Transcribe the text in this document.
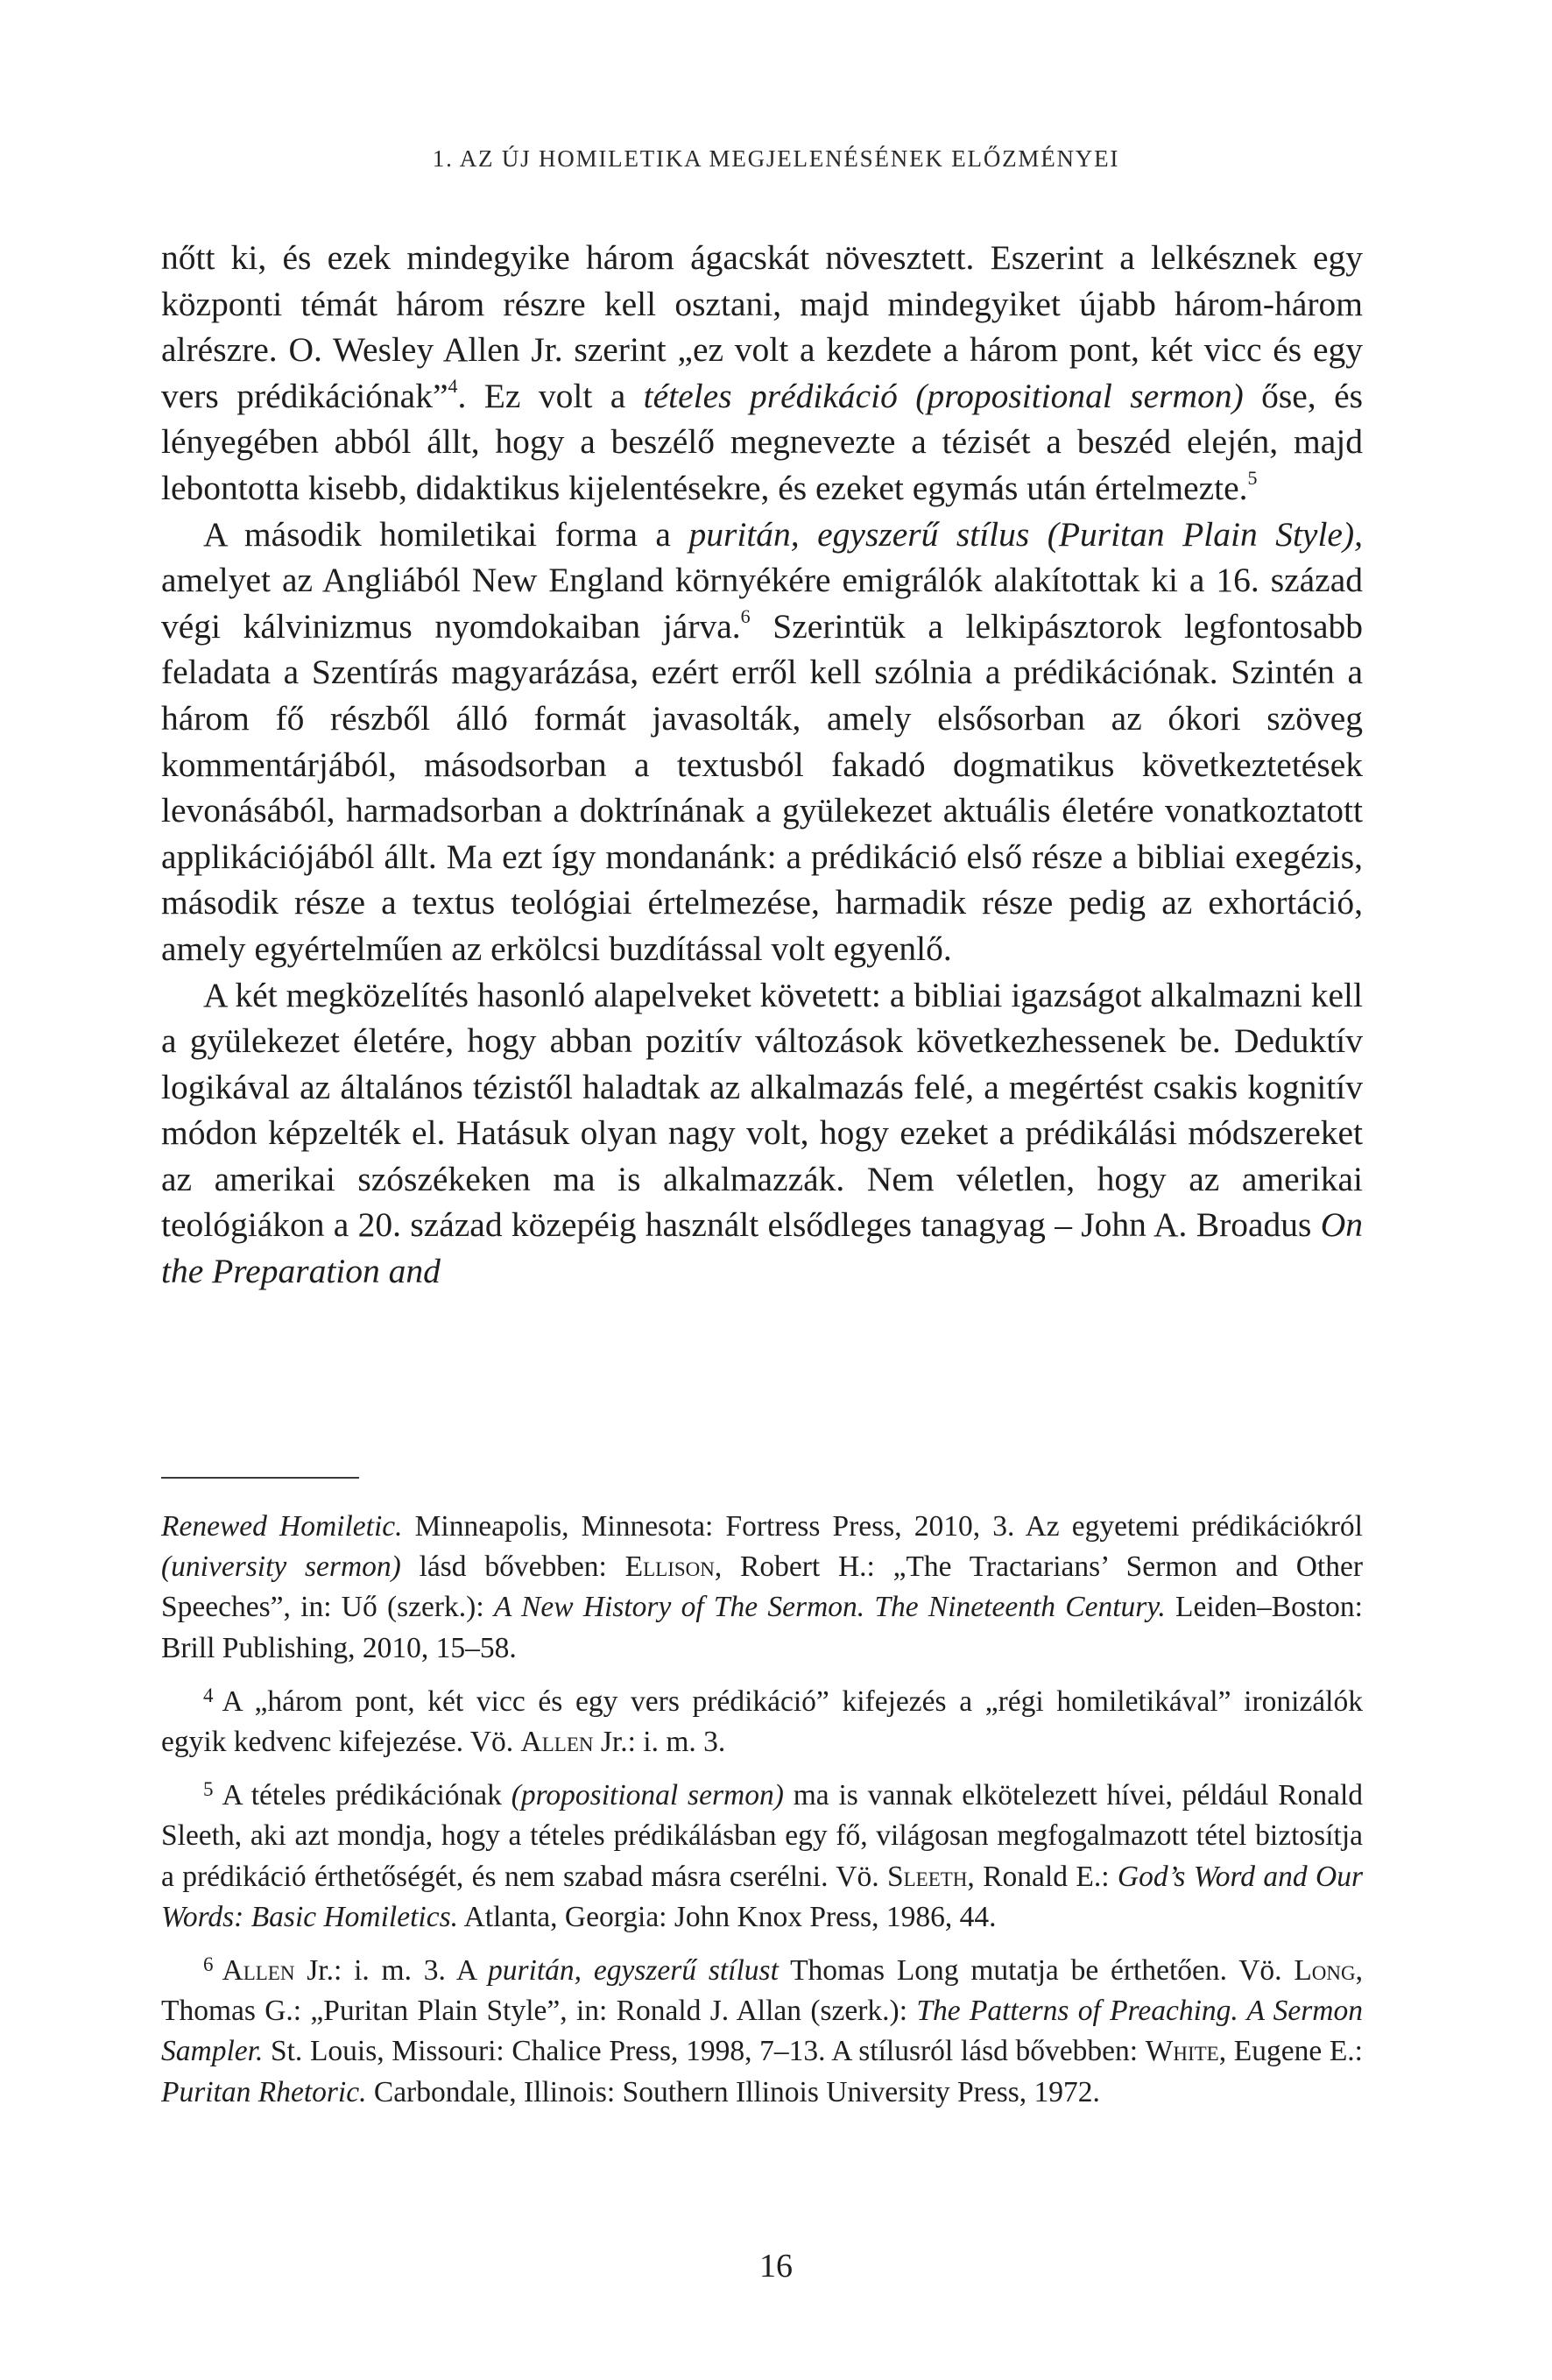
1. AZ ÚJ HOMILETIKA MEGJELENÉSÉNEK ELŐZMÉNYEI

nőtt ki, és ezek mindegyike három ágacskát növesztett. Eszerint a lelkésznek egy központi témát három részre kell osztani, majd mindegyiket újabb három-három alrészre. O. Wesley Allen Jr. szerint „ez volt a kezdete a három pont, két vicc és egy vers prédikációnak”$^4$. Ez volt a tételes prédikáció (propositional sermon) őse, és lényegében abból állt, hogy a beszélő megnevezte a tézisét a beszéd elején, majd lebontotta kisebb, didaktikus kijelentésekre, és ezeket egymás után értelmezte.$^5$

A második homiletikai forma a puritán, egyszerű stílus (Puritan Plain Style), amelyet az Angliából New England környékére emigrálók alakítottak ki a 16. század végi kálvinizmus nyomdokaiban járva.$^6$ Szerintük a lelkipásztorok legfontosabb feladata a Szentírás magyarázása, ezért erről kell szólnia a prédikációnak. Szintén a három fő részből álló formát javasolták, amely elsősorban az ókori szöveg kommentárjából, másodsorban a textusból fakadó dogmatikus következtetések levonásából, harmadsorban a doktrínának a gyülekezet aktuális életére vonatkoztatott applikációjából állt. Ma ezt így mondanánk: a prédikáció első része a bibliai exegézis, második része a textus teológiai értelmezése, harmadik része pedig az exhortáció, amely egyértelműen az erkölcsi buzdítással volt egyenlő.

A két megközelítés hasonló alapelveket követett: a bibliai igazságot alkalmazni kell a gyülekezet életére, hogy abban pozitív változások következhessenek be. Deduktív logikával az általános tézistől haladtak az alkalmazás felé, a megértést csakis kognitív módon képzelték el. Hatásuk olyan nagy volt, hogy ezeket a prédikálási módszereket az amerikai szószékeken ma is alkalmazzák. Nem véletlen, hogy az amerikai teológiákon a 20. század közepéig használt elsődleges tanagyag – John A. Broadus On the Preparation and

Renewed Homiletic. Minneapolis, Minnesota: Fortress Press, 2010, 3. Az egyetemi prédikációkról (university sermon) lásd bővebben: Ellison, Robert H.: „The Tractarians’ Sermon and Other Speeches”, in: Uő (szerk.): A New History of The Sermon. The Nineteenth Century. Leiden–Boston: Brill Publishing, 2010, 15–58.

$^4$ A „három pont, két vicc és egy vers prédikáció” kifejezés a „régi homiletikával” ironizálók egyik kedvenc kifejezése. Vö. Allen Jr.: i. m. 3.

$^5$ A tételes prédikációnak (propositional sermon) ma is vannak elkötelezett hívei, például Ronald Sleeth, aki azt mondja, hogy a tételes prédikálásban egy fő, világosan megfogalmazott tétel biztosítja a prédikáció érthetőségét, és nem szabad másra cserélni. Vö. Sleeth, Ronald E.: God’s Word and Our Words: Basic Homiletics. Atlanta, Georgia: John Knox Press, 1986, 44.

$^6$ Allen Jr.: i. m. 3. A puritán, egyszerű stílust Thomas Long mutatja be érthetően. Vö. Long, Thomas G.: „Puritan Plain Style”, in: Ronald J. Allan (szerk.): The Patterns of Preaching. A Sermon Sampler. St. Louis, Missouri: Chalice Press, 1998, 7–13. A stílusról lásd bővebben: White, Eugene E.: Puritan Rhetoric. Carbondale, Illinois: Southern Illinois University Press, 1972.

16
